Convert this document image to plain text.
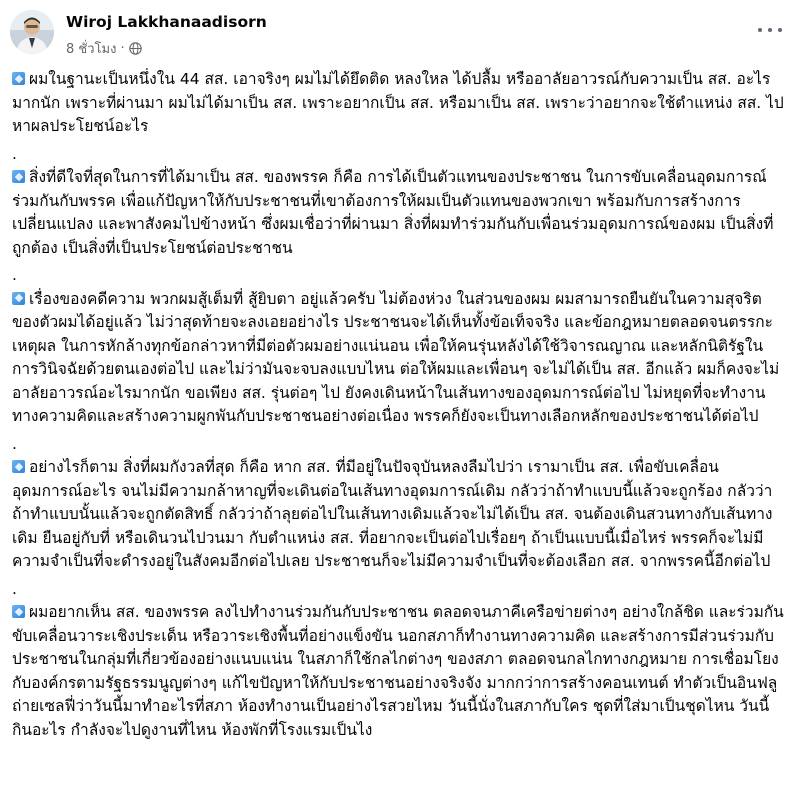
Wiroj Lakkhanaadisorn
8 ชั่วโมง ·

ผมในฐานะเป็นหนึ่งใน 44 สส. เอาจริงๆ ผมไม่ได้ยึดติด หลงใหล ได้ปลื้ม หรืออาลัยอาวรณ์กับความเป็น สส. อะไรมากนัก เพราะที่ผ่านมา ผมไม่ได้มาเป็น สส. เพราะอยากเป็น สส. หรือมาเป็น สส. เพราะว่าอยากจะใช้ตำแหน่ง สส. ไปหาผลประโยชน์อะไร

.

สิ่งที่ดีใจที่สุดในการที่ได้มาเป็น สส. ของพรรค ก็คือ การได้เป็นตัวแทนของประชาชน ในการขับเคลื่อนอุดมการณ์ร่วมกันกับพรรค เพื่อแก้ปัญหาให้กับประชาชนที่เขาต้องการให้ผมเป็นตัวแทนของพวกเขา พร้อมกับการสร้างการเปลี่ยนแปลง และพาสังคมไปข้างหน้า ซึ่งผมเชื่อว่าที่ผ่านมา สิ่งที่ผมทำร่วมกันกับเพื่อนร่วมอุดมการณ์ของผม เป็นสิ่งที่ถูกต้อง เป็นสิ่งที่เป็นประโยชน์ต่อประชาชน

.

เรื่องของคดีความ พวกผมสู้เต็มที่ สู้ยิบตา อยู่แล้วครับ ไม่ต้องห่วง ในส่วนของผม ผมสามารถยืนยันในความสุจริตของตัวผมได้อยู่แล้ว ไม่ว่าสุดท้ายจะลงเอยอย่างไร ประชาชนจะได้เห็นทั้งข้อเท็จจริง และข้อกฎหมายตลอดจนตรรกะเหตุผล ในการหักล้างทุกข้อกล่าวหาที่มีต่อตัวผมอย่างแน่นอน เพื่อให้คนรุ่นหลังได้ใช้วิจารณญาณ และหลักนิติรัฐในการวินิจฉัยด้วยตนเองต่อไป และไม่ว่ามันจะจบลงแบบไหน ต่อให้ผมและเพื่อนๆ จะไม่ได้เป็น สส. อีกแล้ว ผมก็คงจะไม่อาลัยอาวรณ์อะไรมากนัก ขอเพียง สส. รุ่นต่อๆ ไป ยังคงเดินหน้าในเส้นทางของอุดมการณ์ต่อไป ไม่หยุดที่จะทำงานทางความคิดและสร้างความผูกพันกับประชาชนอย่างต่อเนื่อง พรรคก็ยังจะเป็นทางเลือกหลักของประชาชนได้ต่อไป

.

อย่างไรก็ตาม สิ่งที่ผมกังวลที่สุด ก็คือ หาก สส. ที่มีอยู่ในปัจจุบันหลงลืมไปว่า เรามาเป็น สส. เพื่อขับเคลื่อนอุดมการณ์อะไร จนไม่มีความกล้าหาญที่จะเดินต่อในเส้นทางอุดมการณ์เดิม กลัวว่าถ้าทำแบบนี้แล้วจะถูกร้อง กลัวว่าถ้าทำแบบนั้นแล้วจะถูกตัดสิทธิ์ กลัวว่าถ้าลุยต่อไปในเส้นทางเดิมแล้วจะไม่ได้เป็น สส. จนต้องเดินสวนทางกับเส้นทางเดิม ยืนอยู่กับที่ หรือเดินวนไปวนมา กับตำแหน่ง สส. ที่อยากจะเป็นต่อไปเรื่อยๆ ถ้าเป็นแบบนี้เมื่อไหร่ พรรคก็จะไม่มีความจำเป็นที่จะดำรงอยู่ในสังคมอีกต่อไปเลย ประชาชนก็จะไม่มีความจำเป็นที่จะต้องเลือก สส. จากพรรคนี้อีกต่อไป

.

ผมอยากเห็น สส. ของพรรค ลงไปทำงานร่วมกันกับประชาชน ตลอดจนภาคีเครือข่ายต่างๆ อย่างใกล้ชิด และร่วมกันขับเคลื่อนวาระเชิงประเด็น หรือวาระเชิงพื้นที่อย่างแข็งขัน นอกสภาก็ทำงานทางความคิด และสร้างการมีส่วนร่วมกับประชาชนในกลุ่มที่เกี่ยวข้องอย่างแนบแน่น ในสภาก็ใช้กลไกต่างๆ ของสภา ตลอดจนกลไกทางกฎหมาย การเชื่อมโยงกับองค์กรตามรัฐธรรมนูญต่างๆ แก้ไขปัญหาให้กับประชาชนอย่างจริงจัง มากกว่าการสร้างคอนเทนต์ ทำตัวเป็นอินฟลู ถ่ายเซลฟี่ว่าวันนี้มาทำอะไรที่สภา ห้องทำงานเป็นอย่างไรสวยไหม วันนี้นั่งในสภากับใคร ชุดที่ใส่มาเป็นชุดไหน วันนี้กินอะไร กำลังจะไปดูงานที่ไหน ห้องพักที่โรงแรมเป็นไง
